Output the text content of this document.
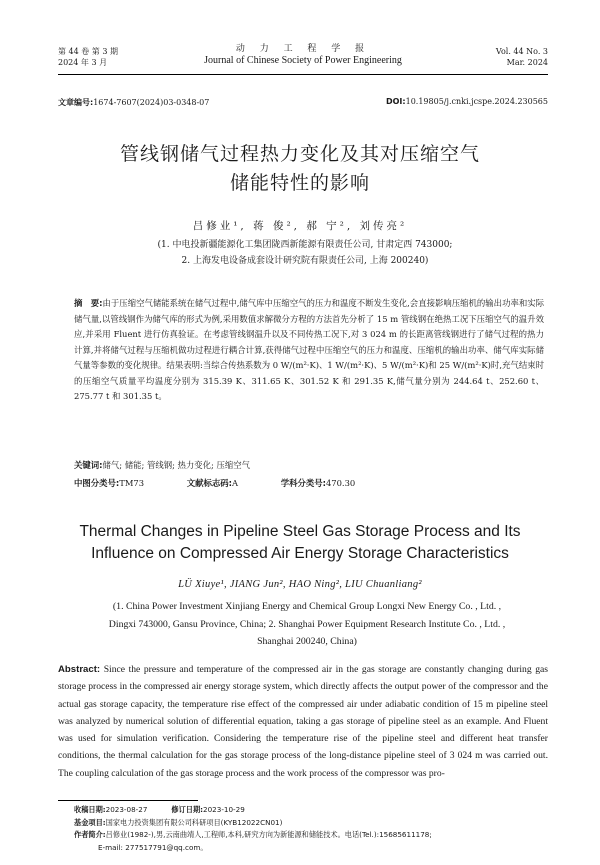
第 44 卷 第 3 期
2024 年 3 月
动 力 工 程 学 报
Journal of Chinese Society of Power Engineering
Vol. 44 No. 3
Mar. 2024
文章编号:1674-7607(2024)03-0348-07	DOI:10.19805/j.cnki.jcspe.2024.230565
管线钢储气过程热力变化及其对压缩空气
储能特性的影响
吕修业¹, 蒋 俊², 郝 宁², 刘传亮²
(1. 中电投新疆能源化工集团陇西新能源有限责任公司, 甘肃定西 743000;
2. 上海发电设备成套设计研究院有限责任公司, 上海 200240)
摘　要:由于压缩空气储能系统在储气过程中,储气库中压缩空气的压力和温度不断发生变化,会直接影响压缩机的输出功率和实际储气量,以管线钢作为储气库的形式为例,采用数值求解微分方程的方法首先分析了 15 m 管线钢在绝热工况下压缩空气的温升效应,并采用 Fluent 进行仿真验证。在考虑管线钢温升以及不同传热工况下,对 3 024 m 的长距离管线钢进行了储气过程的热力计算,并将储气过程与压缩机做功过程进行耦合计算,获得储气过程中压缩空气的压力和温度、压缩机的输出功率、储气库实际储气量等参数的变化规律。结果表明:当综合传热系数为 0 W/(m²·K)、1 W/(m²·K)、5 W/(m²·K)和 25 W/(m²·K)时,充气结束时的压缩空气质量平均温度分别为 315.39 K、311.65 K、301.52 K 和 291.35 K,储气量分别为 244.64 t、252.60 t、275.77 t 和 301.35 t。
关键词:储气; 储能; 管线钢; 热力变化; 压缩空气
中图分类号:TM73	文献标志码:A	学科分类号:470.30
Thermal Changes in Pipeline Steel Gas Storage Process and Its
Influence on Compressed Air Energy Storage Characteristics
LÜ Xiuye¹, JIANG Jun², HAO Ning², LIU Chuanliang²
(1. China Power Investment Xinjiang Energy and Chemical Group Longxi New Energy Co. , Ltd. ,
Dingxi 743000, Gansu Province, China; 2. Shanghai Power Equipment Research Institute Co. , Ltd. ,
Shanghai 200240, China)
Abstract: Since the pressure and temperature of the compressed air in the gas storage are constantly changing during gas storage process in the compressed air energy storage system, which directly affects the output power of the compressor and the actual gas storage capacity, the temperature rise effect of the compressed air under adiabatic condition of 15 m pipeline steel was analyzed by numerical solution of differential equation, taking a gas storage of pipeline steel as an example. And Fluent was used for simulation verification. Considering the temperature rise of the pipeline steel and different heat transfer conditions, the thermal calculation for the gas storage process of the long-distance pipeline steel of 3 024 m was carried out. The coupling calculation of the gas storage process and the work process of the compressor was pro-
收稿日期:2023-08-27	修订日期:2023-10-29
基金项目:国家电力投资集团有限公司科研项目(KYB12022CN01)
作者简介:吕修业(1982-),男,云南曲靖人,工程师,本科,研究方向为新能源和储能技术。电话(Tel.):15685611178;
E-mail: 277517791@qq.com。
